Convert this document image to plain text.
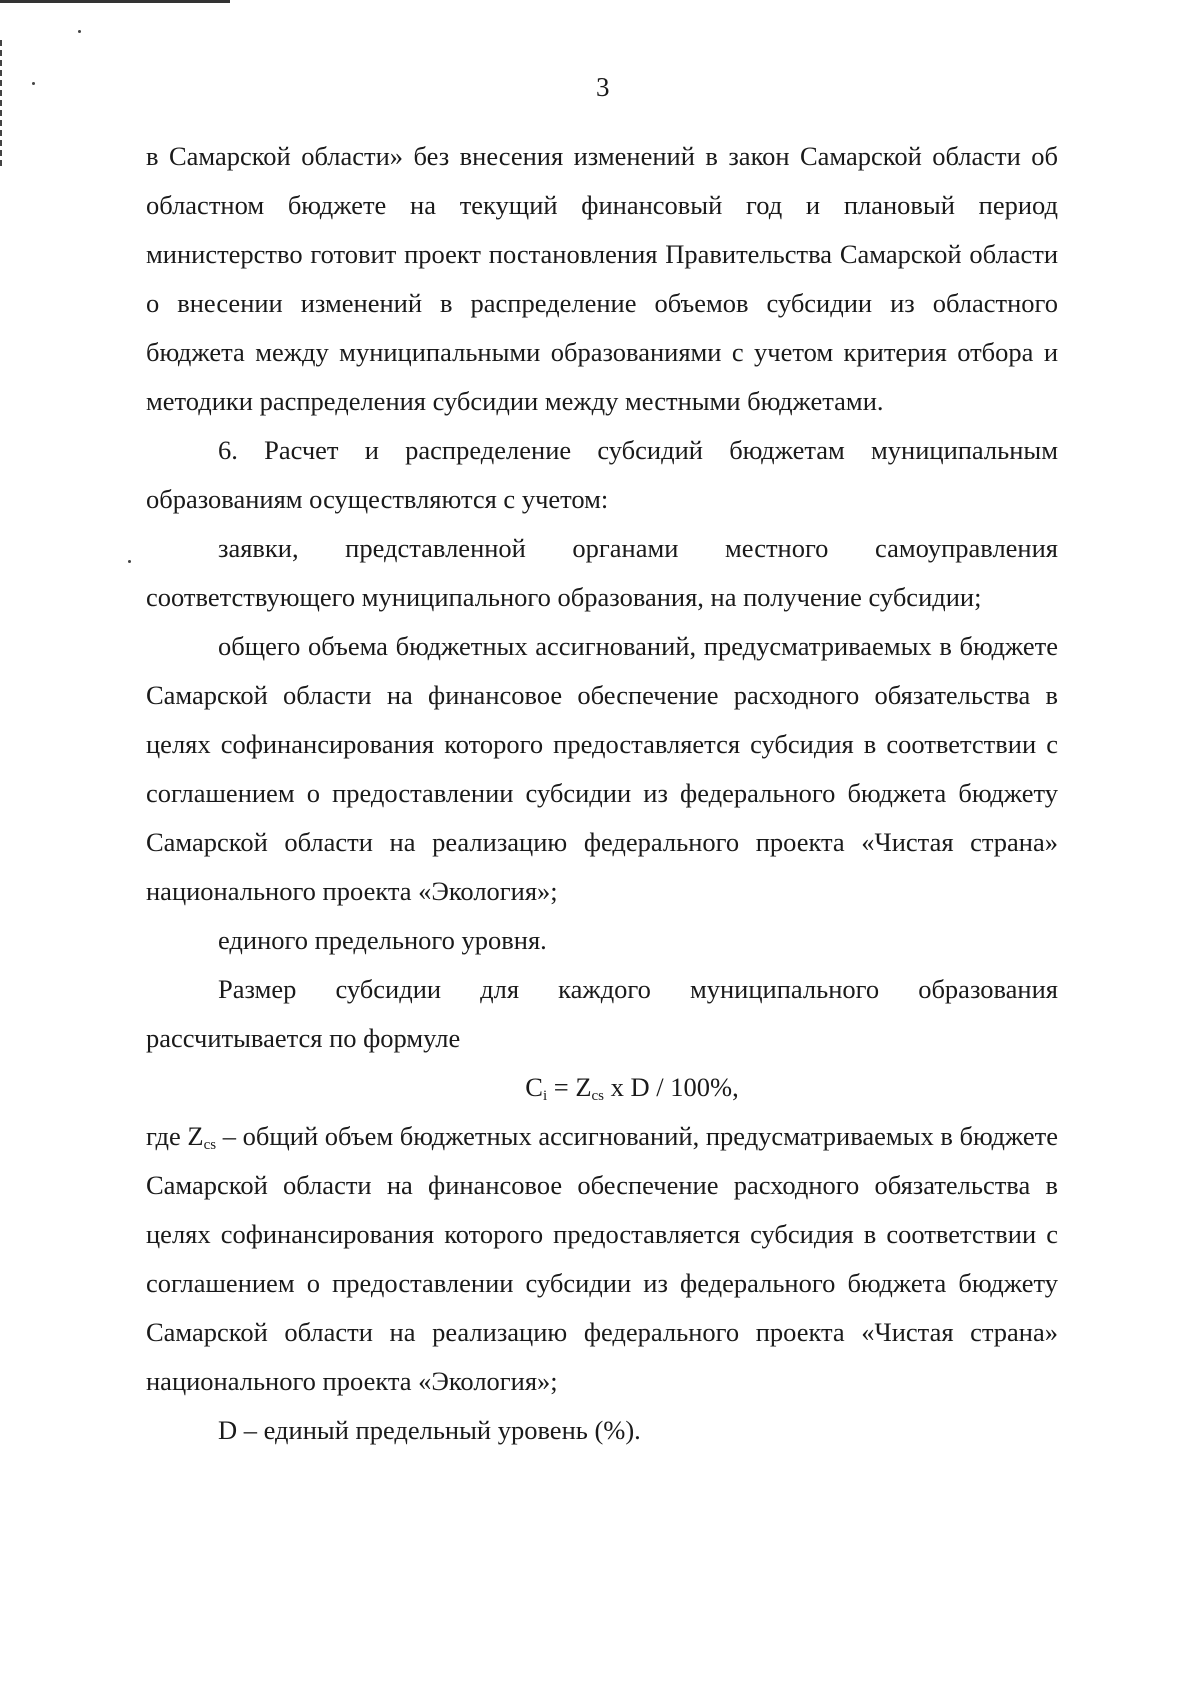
3

в Самарской области» без внесения изменений в закон Самарской области об областном бюджете на текущий финансовый год и плановый период министерство готовит проект постановления Правительства Самарской области о внесении изменений в распределение объемов субсидии из областного бюджета между муниципальными образованиями с учетом критерия отбора и методики распределения субсидии между местными бюджетами.

6. Расчет и распределение субсидий бюджетам муниципальным образованиям осуществляются с учетом:

заявки, представленной органами местного самоуправления соответствующего муниципального образования, на получение субсидии;

общего объема бюджетных ассигнований, предусматриваемых в бюджете Самарской области на финансовое обеспечение расходного обязательства в целях софинансирования которого предоставляется субсидия в соответствии с соглашением о предоставлении субсидии из федерального бюджета бюджету Самарской области на реализацию федерального проекта «Чистая страна» национального проекта «Экология»;

единого предельного уровня.

Размер субсидии для каждого муниципального образования рассчитывается по формуле

$C_i = Z_{cs}$ x D / 100%,

где $Z_{cs}$ – общий объем бюджетных ассигнований, предусматриваемых в бюджете Самарской области на финансовое обеспечение расходного обязательства в целях софинансирования которого предоставляется субсидия в соответствии с соглашением о предоставлении субсидии из федерального бюджета бюджету Самарской области на реализацию федерального проекта «Чистая страна» национального проекта «Экология»;

D – единый предельный уровень (%).
